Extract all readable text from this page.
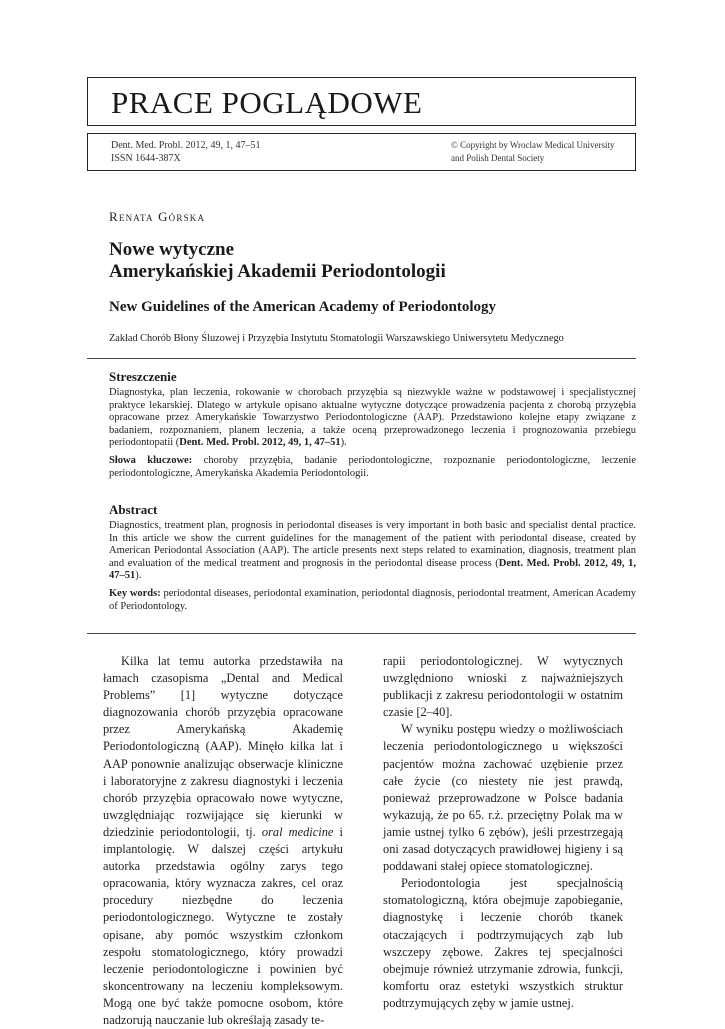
PRACE POGLĄDOWE
Dent. Med. Probl. 2012, 49, 1, 47–51
ISSN 1644-387X
© Copyright by Wroclaw Medical University
and Polish Dental Society
Renata Górska
Nowe wytyczne
Amerykańskiej Akademii Periodontologii
New Guidelines of the American Academy of Periodontology
Zakład Chorób Błony Śluzowej i Przyzębia Instytutu Stomatologii Warszawskiego Uniwersytetu Medycznego
Streszczenie

Diagnostyka, plan leczenia, rokowanie w chorobach przyzębia są niezwykle ważne w podstawowej i specjalistycznej praktyce lekarskiej. Dlatego w artykule opisano aktualne wytyczne dotyczące prowadzenia pacjenta z chorobą przyzębia opracowane przez Amerykańskie Towarzystwo Periodontologiczne (AAP). Przedstawiono kolejne etapy związane z badaniem, rozpoznaniem, planem leczenia, a także oceną przeprowadzonego leczenia i prognozowania przebiegu periodontopatii (Dent. Med. Probl. 2012, 49, 1, 47–51).

Słowa kluczowe: choroby przyzębia, badanie periodontologiczne, rozpoznanie periodontologiczne, leczenie periodontologiczne, Amerykańska Akademia Periodontologii.

Abstract

Diagnostics, treatment plan, prognosis in periodontal diseases is very important in both basic and specialist dental practice. In this article we show the current guidelines for the management of the patient with periodontal disease, created by American Periodontal Association (AAP). The article presents next steps related to examination, diagnosis, treatment plan and evaluation of the medical treatment and prognosis in the periodontal disease process (Dent. Med. Probl. 2012, 49, 1, 47–51).

Key words: periodontal diseases, periodontal examination, periodontal diagnosis, periodontal treatment, American Academy of Periodontology.

Kilka lat temu autorka przedstawiła na łamach czasopisma „Dental and Medical Problems” [1] wytyczne dotyczące diagnozowania chorób przyzębia opracowane przez Amerykańską Akademię Periodontologiczną (AAP). Minęło kilka lat i AAP ponownie analizując obserwacje kliniczne i laboratoryjne z zakresu diagnostyki i leczenia chorób przyzębia opracowało nowe wytyczne, uwzględniając rozwijające się kierunki w dziedzinie periodontologii, tj. oral medicine i implantologię. W dalszej części artykułu autorka przedstawia ogólny zarys tego opracowania, który wyznacza zakres, cel oraz procedury niezbędne do leczenia periodontologicznego. Wytyczne te zostały opisane, aby pomóc wszystkim członkom zespołu stomatologicznego, który prowadzi leczenie periodontologiczne i powinien być skoncentrowany na leczeniu kompleksowym. Mogą one być także pomocne osobom, które nadzorują nauczanie lub określają zasady te-

rapii periodontologicznej. W wytycznych uwzględniono wnioski z najważniejszych publikacji z zakresu periodontologii w ostatnim czasie [2–40].

W wyniku postępu wiedzy o możliwościach leczenia periodontologicznego u większości pacjentów można zachować uzębienie przez całe życie (co niestety nie jest prawdą, ponieważ przeprowadzone w Polsce badania wykazują, że po 65. r.ż. przeciętny Polak ma w jamie ustnej tylko 6 zębów), jeśli przestrzegają oni zasad dotyczących prawidłowej higieny i są poddawani stałej opiece stomatologicznej.

Periodontologia jest specjalnością stomatologiczną, która obejmuje zapobieganie, diagnostykę i leczenie chorób tkanek otaczających i podtrzymujących ząb lub wszczepy zębowe. Zakres tej specjalności obejmuje również utrzymanie zdrowia, funkcji, komfortu oraz estetyki wszystkich struktur podtrzymujących zęby w jamie ustnej.
